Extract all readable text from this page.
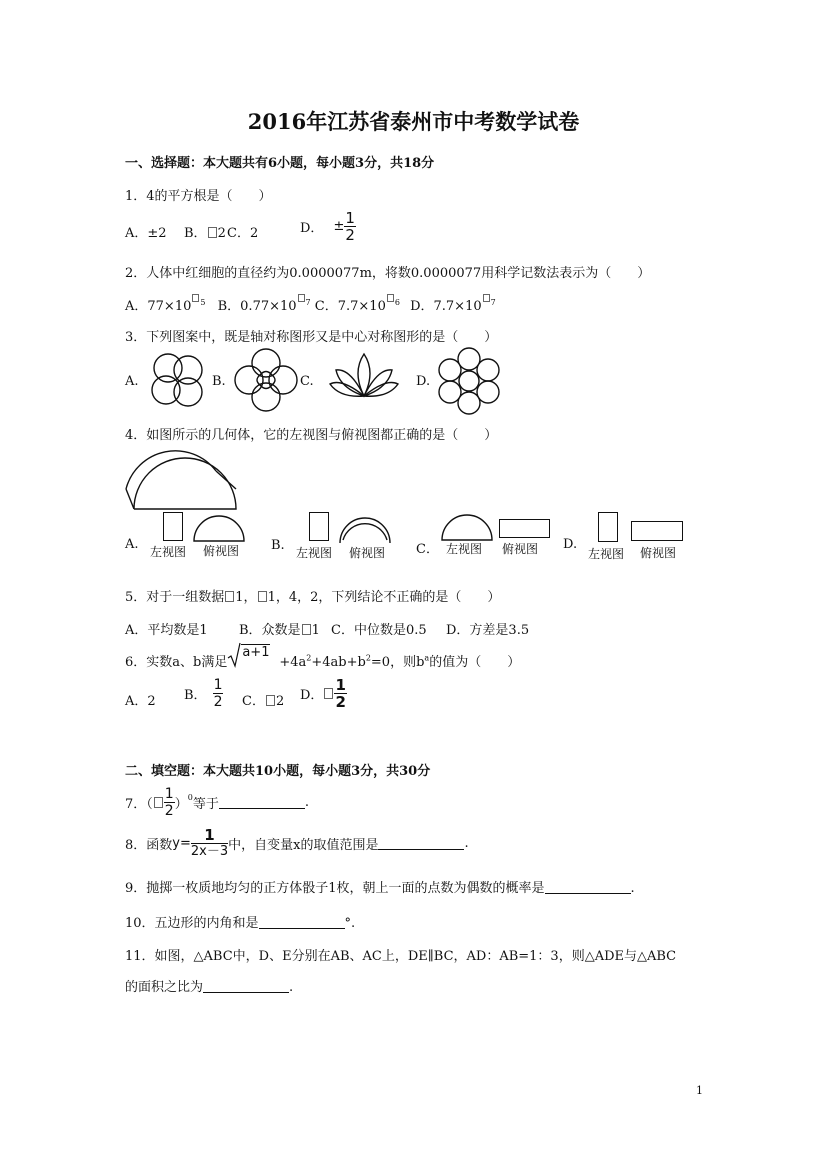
2016年江苏省泰州市中考数学试卷
一、选择题：本大题共有6小题，每小题3分，共18分
1．4的平方根是（　　）
A．±2 B． 2 C．2	D． ± $\frac{1}{2}$
2．人体中红细胞的直径约为0.0000077m，将数0.0000077用科学记数法表示为（　　）
A．77×10 $^5$ B．0.77×10 $^7$ C．7.7×10 $^6$ D．7.7×10 $^7$
3．下列图案中，既是轴对称图形又是中心对称图形的是（　　）
A.	B.	C.	D.
4．如图所示的几何体，它的左视图与俯视图都正确的是（　　）
A. 左视图 俯视图 B. 左视图 俯视图 C． 左视图 俯视图 D.
左视图 俯视图
5．对于一组数据 1， 1，4，2，下列结论不正确的是（　　）
A．平均数是1 B．众数是 1 C．中位数是0.5 D．方差是3.5
6．实数a、b满足
a+1
$+4a^2+4ab+b^2=0$，则$b^a$的值为（　　）
A．2 B． $\frac{1}{2}$ C． 2 D． $\frac{1}{2}$
二、填空题：本大题共10小题，每小题3分，共30分
7．（ $\frac{1}{2} )^0$等于	.
8．函数$y= \frac{1}{2x-3}$ 中，自变量x的取值范围是	.
9．抛掷一枚质地均匀的正方体骰子1枚，朝上一面的点数为偶数的概率是	.
10．五边形的内角和是	°.
11．如图，△ABC中，D、E分别在AB、AC上，DE∥BC，AD：AB=1：3，则△ADE与△ABC
的面积之比为	.
1
